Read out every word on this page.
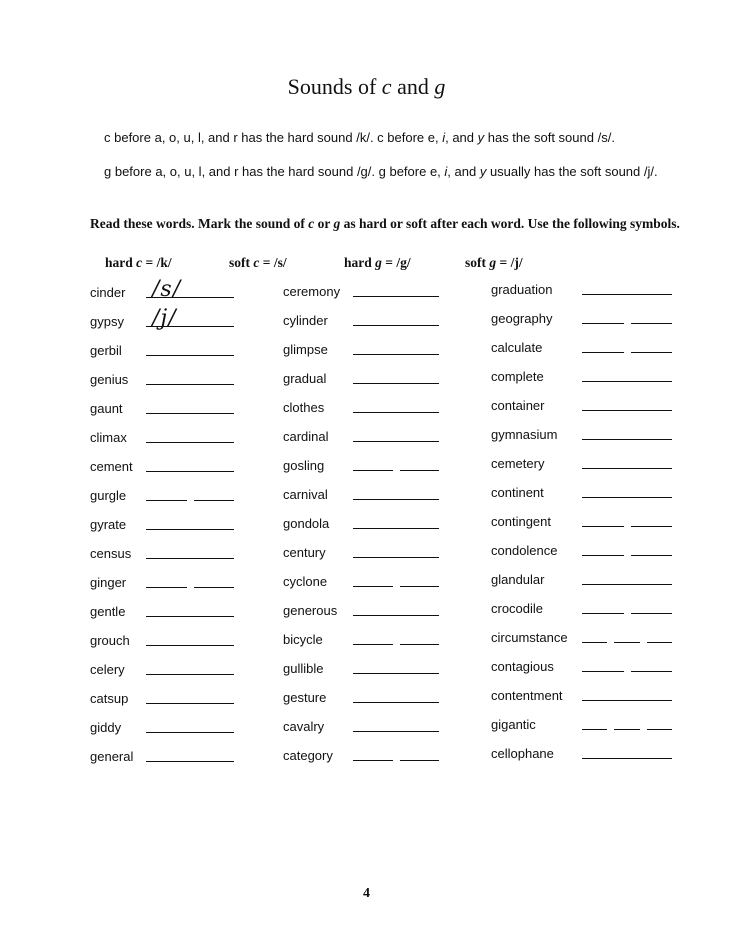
Sounds of c and g

c before a, o, u, l, and r has the hard sound /k/. c before e, i, and y has the soft sound /s/.

g before a, o, u, l, and r has the hard sound /g/. g before e, i, and y usually has the soft sound /j/.

Read these words. Mark the sound of c or g as hard or soft after each word. Use the following symbols.

hard c = /k/	soft c = /s/	hard g = /g/	soft g = /j/
cinder /s/
gypsy /j/
gerbil
genius
gaunt
climax
cement
gurgle
gyrate
census
ginger
gentle
grouch
celery
catsup
giddy
general
ceremony
cylinder
glimpse
gradual
clothes
cardinal
gosling
carnival
gondola
century
cyclone
generous
bicycle
gullible
gesture
cavalry
category
graduation
geography
calculate
complete
container
gymnasium
cemetery
continent
contingent
condolence
glandular
crocodile
circumstance
contagious
contentment
gigantic
cellophane
4
